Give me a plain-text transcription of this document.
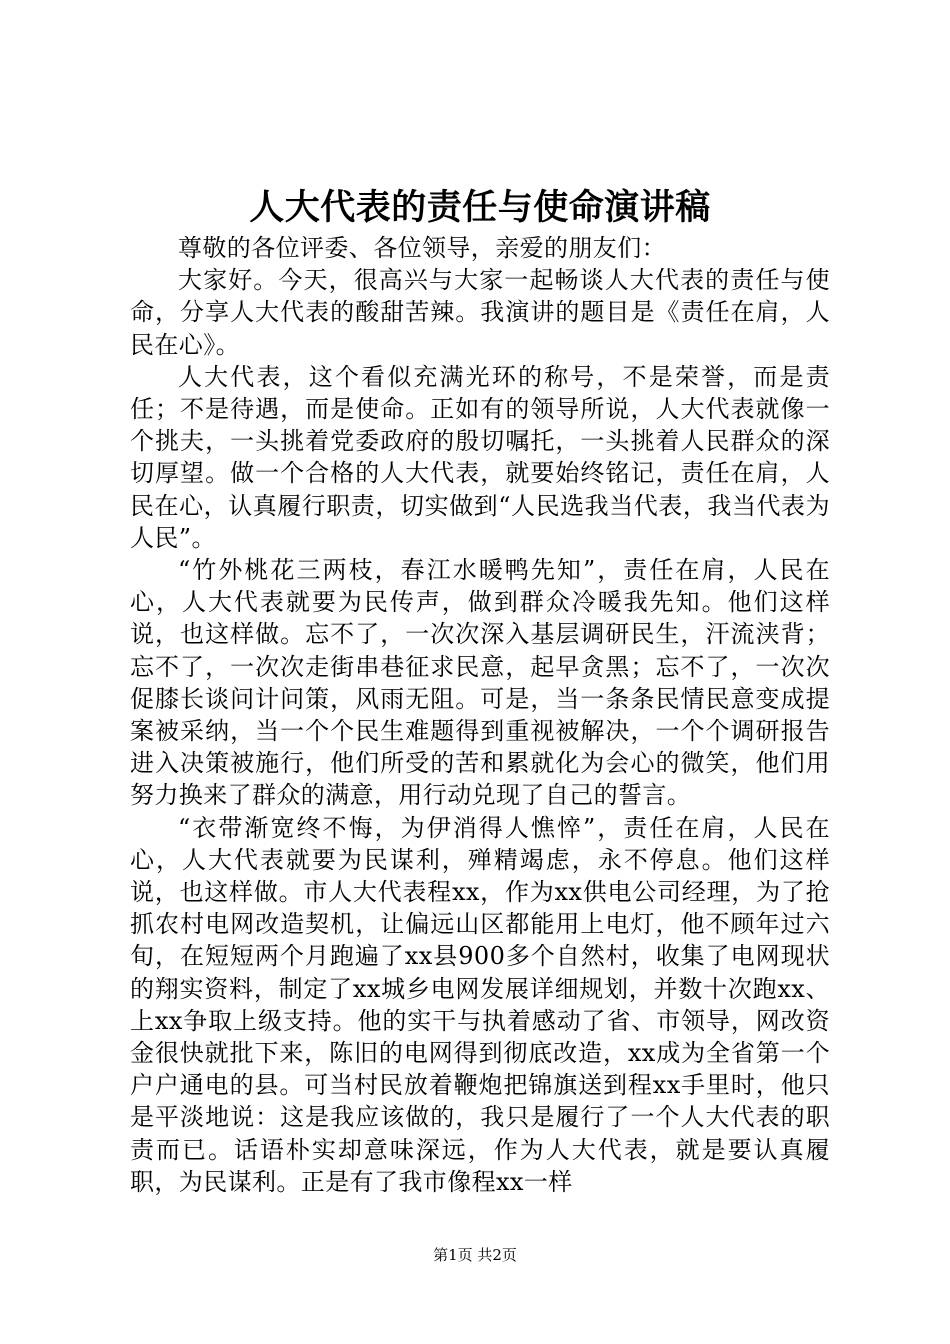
人大代表的责任与使命演讲稿

尊敬的各位评委、各位领导，亲爱的朋友们：

大家好。今天，很高兴与大家一起畅谈人大代表的责任与使命，分享人大代表的酸甜苦辣。我演讲的题目是《责任在肩，人民在心》。

人大代表，这个看似充满光环的称号，不是荣誉，而是责任；不是待遇，而是使命。正如有的领导所说，人大代表就像一个挑夫，一头挑着党委政府的殷切嘱托，一头挑着人民群众的深切厚望。做一个合格的人大代表，就要始终铭记，责任在肩，人民在心，认真履行职责，切实做到“人民选我当代表，我当代表为人民”。

“竹外桃花三两枝，春江水暖鸭先知”，责任在肩，人民在心，人大代表就要为民传声，做到群众冷暖我先知。他们这样说，也这样做。忘不了，一次次深入基层调研民生，汗流浃背；忘不了，一次次走街串巷征求民意，起早贪黑；忘不了，一次次促膝长谈问计问策，风雨无阻。可是，当一条条民情民意变成提案被采纳，当一个个民生难题得到重视被解决，一个个调研报告进入决策被施行，他们所受的苦和累就化为会心的微笑，他们用努力换来了群众的满意，用行动兑现了自己的誓言。

“衣带渐宽终不悔，为伊消得人憔悴”，责任在肩，人民在心，人大代表就要为民谋利，殚精竭虑，永不停息。他们这样说，也这样做。市人大代表程xx，作为xx供电公司经理，为了抢抓农村电网改造契机，让偏远山区都能用上电灯，他不顾年过六旬，在短短两个月跑遍了xx县900多个自然村，收集了电网现状的翔实资料，制定了xx城乡电网发展详细规划，并数十次跑xx、上xx争取上级支持。他的实干与执着感动了省、市领导，网改资金很快就批下来，陈旧的电网得到彻底改造，xx成为全省第一个户户通电的县。可当村民放着鞭炮把锦旗送到程xx手里时，他只是平淡地说：这是我应该做的，我只是履行了一个人大代表的职责而已。话语朴实却意味深远，作为人大代表，就是要认真履职，为民谋利。正是有了我市像程xx一样

第1页 共2页
